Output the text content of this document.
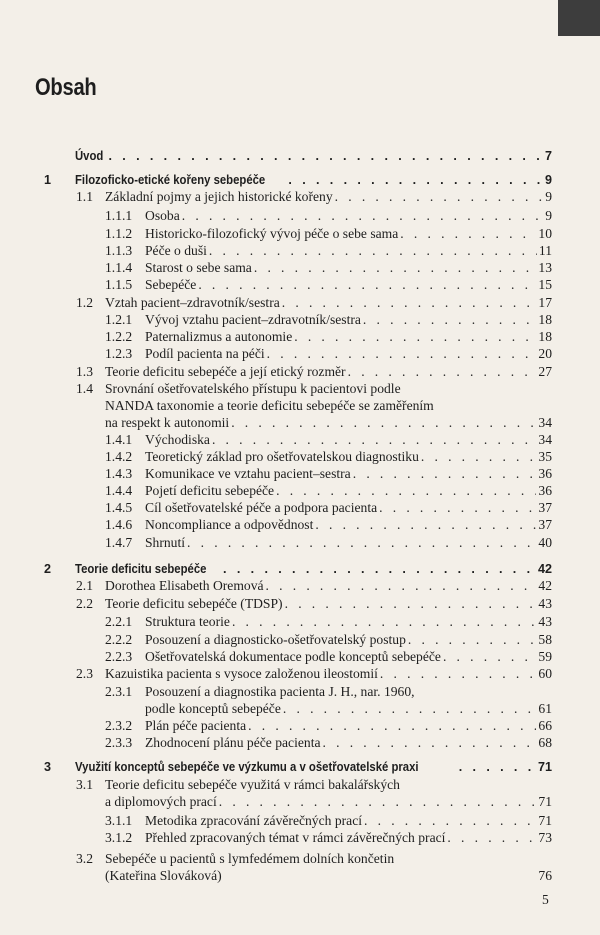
Obsah
Úvod . . .	7
1 Filozoficko-etické kořeny sebepéče . . .	9
1.1 Základní pojmy a jejich historické kořeny . . .	9
1.1.1 Osoba . . .	9
1.1.2 Historicko-filozofický vývoj péče o sebe sama . . .	10
1.1.3 Péče o duši . . .	11
1.1.4 Starost o sebe sama . . .	13
1.1.5 Sebepéče . . .	15
1.2 Vztah pacient–zdravotník/sestra . . .	17
1.2.1 Vývoj vztahu pacient–zdravotník/sestra . . .	18
1.2.2 Paternalizmus a autonomie . . .	18
1.2.3 Podíl pacienta na péči . . .	20
1.3 Teorie deficitu sebepéče a její etický rozměr . . .	27
1.4 Srovnání ošetřovatelského přístupu k pacientovi podle
NANDA taxonomie a teorie deficitu sebepéče se zaměřením
na respekt k autonomii . . .	34
1.4.1 Východiska . . .	34
1.4.2 Teoretický základ pro ošetřovatelskou diagnostiku . . .	35
1.4.3 Komunikace ve vztahu pacient–sestra . . .	36
1.4.4 Pojetí deficitu sebepéče . . .	36
1.4.5 Cíl ošetřovatelské péče a podpora pacienta . . .	37
1.4.6 Noncompliance a odpovědnost . . .	37
1.4.7 Shrnutí . . .	40
2 Teorie deficitu sebepéče . . .	42
2.1 Dorothea Elisabeth Oremová . . .	42
2.2 Teorie deficitu sebepéče (TDSP) . . .	43
2.2.1 Struktura teorie . . .	43
2.2.2 Posouzení a diagnosticko-ošetřovatelský postup . . .	58
2.2.3 Ošetřovatelská dokumentace podle konceptů sebepéče . . .	59
2.3 Kazuistika pacienta s vysoce založenou ileostomií . . .	60
2.3.1 Posouzení a diagnostika pacienta J. H., nar. 1960,
podle konceptů sebepéče . . .	61
2.3.2 Plán péče pacienta . . .	66
2.3.3 Zhodnocení plánu péče pacienta . . .	68
3 Využití konceptů sebepéče ve výzkumu a v ošetřovatelské praxi . . .	71
3.1 Teorie deficitu sebepéče využitá v rámci bakalářských
a diplomových prací . . .	71
3.1.1 Metodika zpracování závěrečných prací . . .	71
3.1.2 Přehled zpracovaných témat v rámci závěrečných prací . . .	73
3.2 Sebepéče u pacientů s lymfedémem dolních končetin
(Kateřina Slováková)	76
5
